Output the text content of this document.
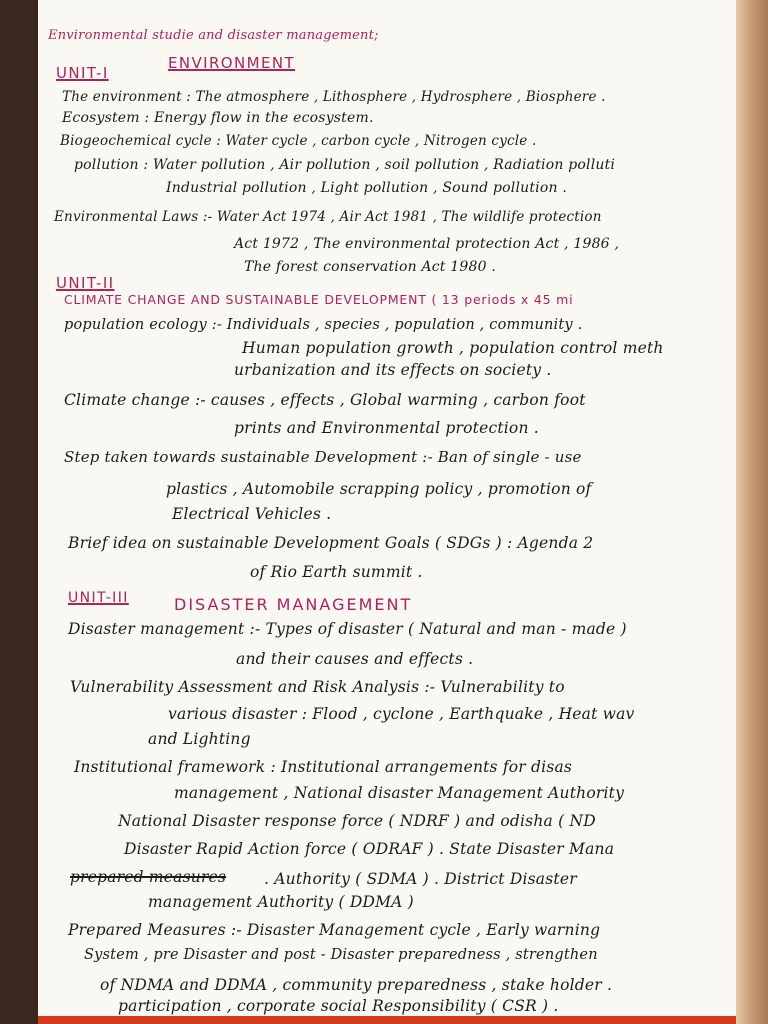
Environmental studie and disaster management;
UNIT-I
ENVIRONMENT
The environment : The atmosphere , Lithosphere , Hydrosphere , Biosphere .
Ecosystem : Energy flow in the ecosystem.
Biogeochemical cycle : Water cycle , carbon cycle , Nitrogen cycle .
pollution : Water pollution , Air pollution , soil pollution , Radiation polluti
Industrial pollution , Light pollution , Sound pollution .
Environmental Laws :- Water Act 1974 , Air Act 1981 , The wildlife protection
Act 1972 , The environmental protection Act , 1986 ,
The forest conservation Act 1980 .
UNIT-II
CLIMATE CHANGE AND SUSTAINABLE DEVELOPMENT ( 13 periods x 45 mi
population ecology :- Individuals , species , population , community .
Human population growth , population control meth
urbanization and its effects on society .
Climate change :- causes , effects , Global warming , carbon foot
prints and Environmental protection .
Step taken towards sustainable Development :- Ban of single - use
plastics , Automobile scrapping policy , promotion of
Electrical Vehicles .
Brief idea on sustainable Development Goals ( SDGs ) : Agenda 2
of Rio Earth summit .
UNIT-III	DISASTER MANAGEMENT
Disaster management :- Types of disaster ( Natural and man - made )
and their causes and effects .
Vulnerability Assessment and Risk Analysis :- Vulnerability to
various disaster : Flood , cyclone , Earthquake , Heat wav
and Lighting
Institutional framework : Institutional arrangements for disas
management , National disaster Management Authority
National Disaster response force ( NDRF ) and odisha ( ND
Disaster Rapid Action force ( ODRAF ) . State Disaster Mana
prepared measures . Authority ( SDMA ) . District Disaster
management Authority ( DDMA )
Prepared Measures :- Disaster Management cycle , Early warning
System , pre Disaster and post - Disaster preparedness , strengthen
of NDMA and DDMA , community preparedness , stake holder .
participation , corporate social Responsibility ( CSR ) .
